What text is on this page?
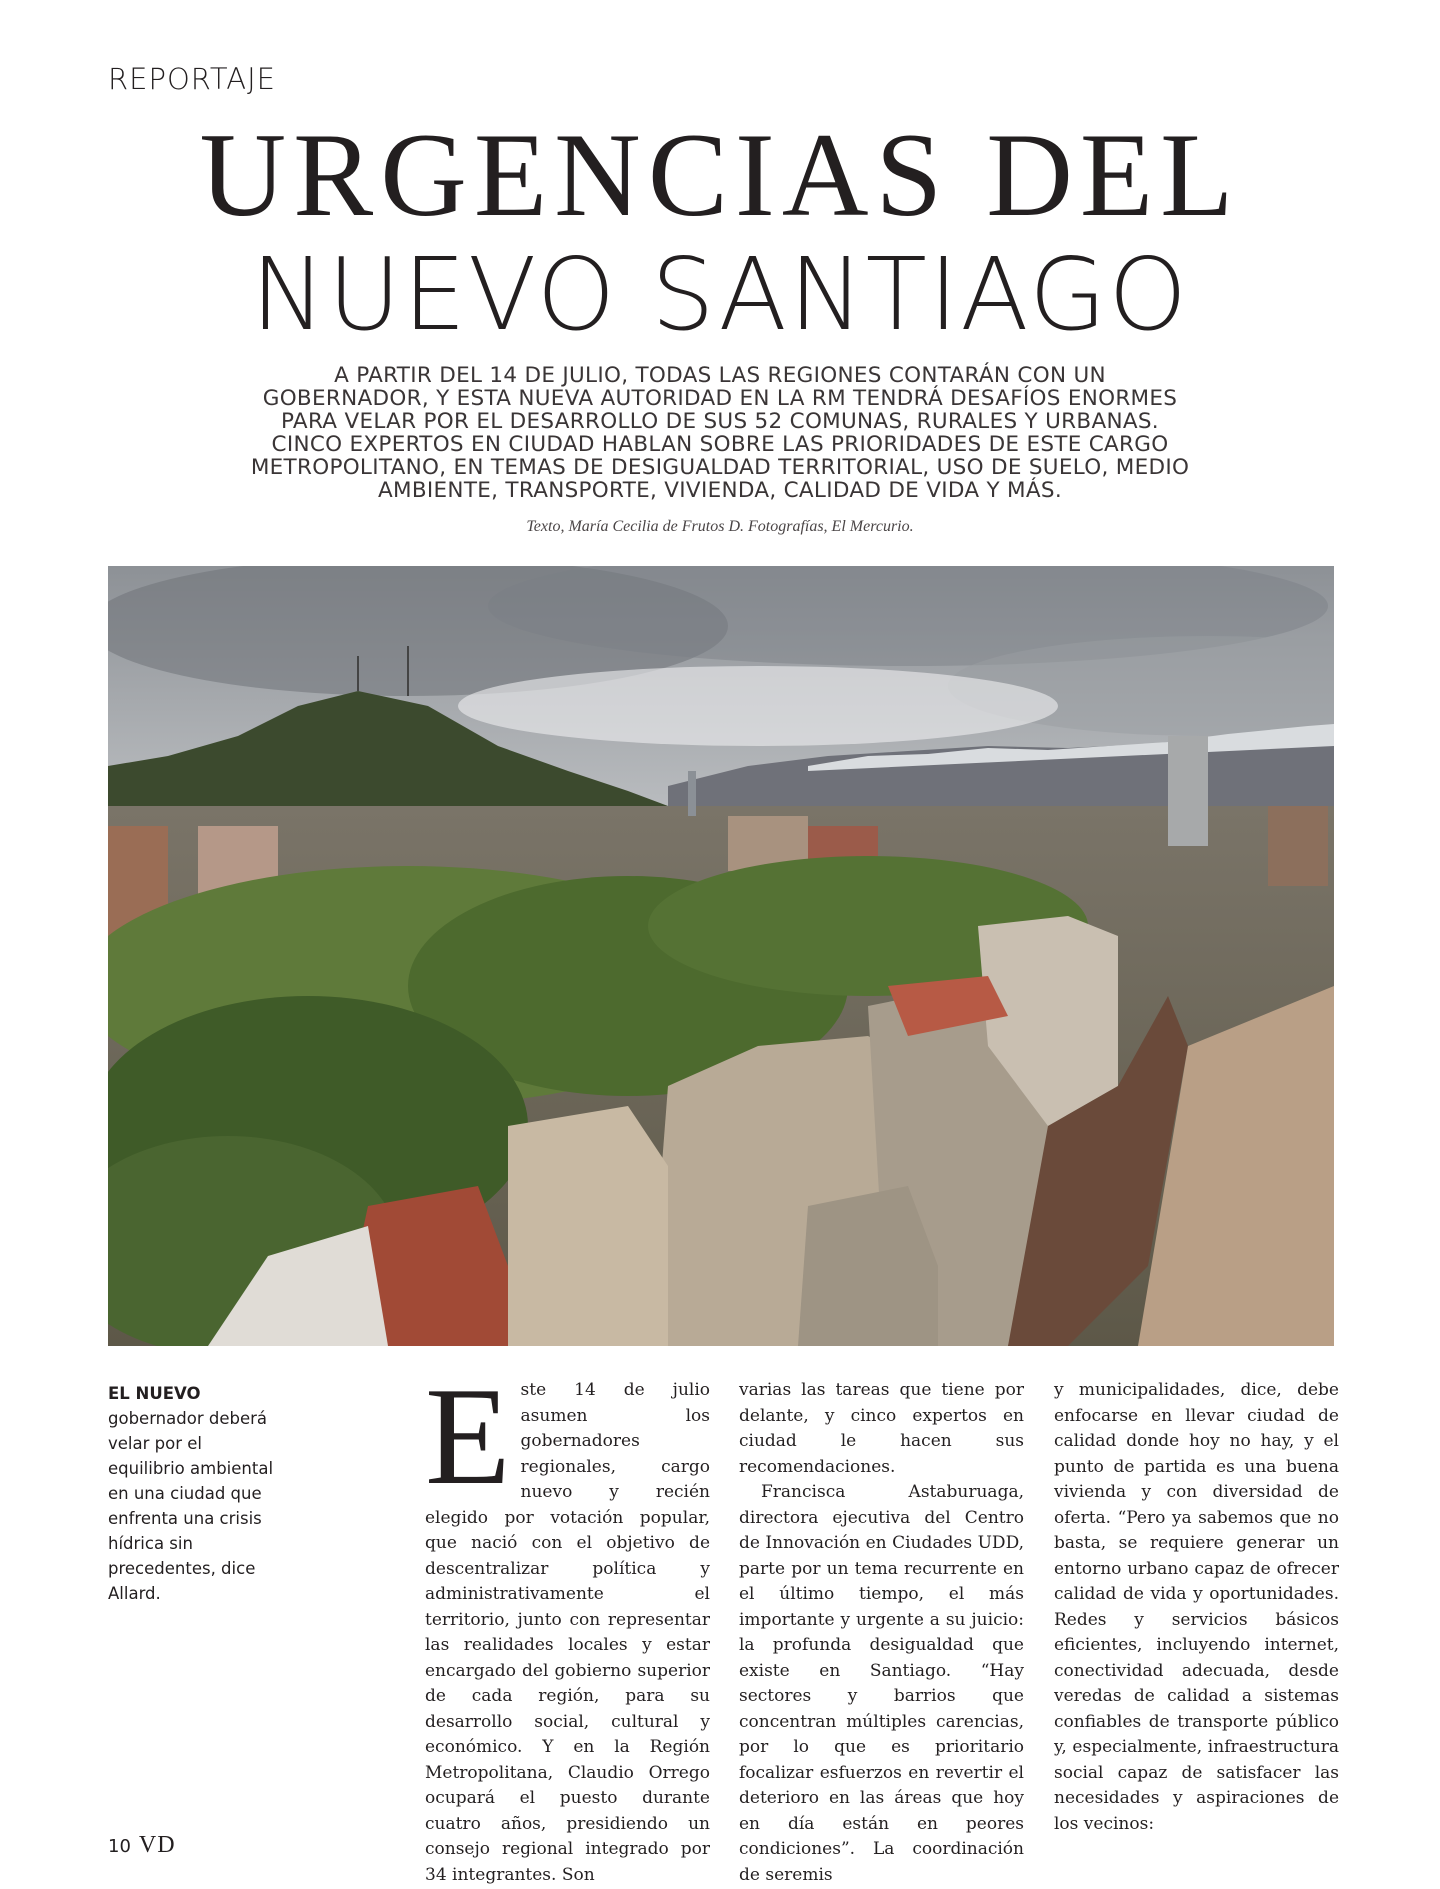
REPORTAJE
URGENCIAS DEL
NUEVO SANTIAGO
A PARTIR DEL 14 DE JULIO, TODAS LAS REGIONES CONTARÁN CON UN GOBERNADOR, Y ESTA NUEVA AUTORIDAD EN LA RM TENDRÁ DESAFÍOS ENORMES PARA VELAR POR EL DESARROLLO DE SUS 52 COMUNAS, RURALES Y URBANAS. CINCO EXPERTOS EN CIUDAD HABLAN SOBRE LAS PRIORIDADES DE ESTE CARGO METROPOLITANO, EN TEMAS DE DESIGUALDAD TERRITORIAL, USO DE SUELO, MEDIO AMBIENTE, TRANSPORTE, VIVIENDA, CALIDAD DE VIDA Y MÁS.
Texto, María Cecilia de Frutos D. Fotografías, El Mercurio.
EL NUEVO
gobernador deberá velar por el equilibrio ambiental en una ciudad que enfrenta una crisis hídrica sin precedentes, dice Allard.
E ste 14 de julio asumen los gobernadores regionales, cargo nuevo y recién elegido por votación popular, que nació con el objetivo de descentralizar política y administrativamente el territorio, junto con representar las realidades locales y estar encargado del gobierno superior de cada región, para su desarrollo social, cultural y económico. Y en la Región Metropolitana, Claudio Orrego ocupará el puesto durante cuatro años, presidiendo un consejo regional integrado por 34 integrantes. Son

varias las tareas que tiene por delante, y cinco expertos en ciudad le hacen sus recomendaciones.

Francisca Astaburuaga, directora ejecutiva del Centro de Innovación en Ciudades UDD, parte por un tema recurrente en el último tiempo, el más importante y urgente a su juicio: la profunda desigualdad que existe en Santiago. “Hay sectores y barrios que concentran múltiples carencias, por lo que es prioritario focalizar esfuerzos en revertir el deterioro en las áreas que hoy en día están en peores condiciones”. La coordinación de seremis

y municipalidades, dice, debe enfocarse en llevar ciudad de calidad donde hoy no hay, y el punto de partida es una buena vivienda y con diversidad de oferta. “Pero ya sabemos que no basta, se requiere generar un entorno urbano capaz de ofrecer calidad de vida y oportunidades. Redes y servicios básicos eficientes, incluyendo internet, conectividad adecuada, desde veredas de calidad a sistemas confiables de transporte público y, especialmente, infraestructura social capaz de satisfacer las necesidades y aspiraciones de los vecinos:

10 VD
